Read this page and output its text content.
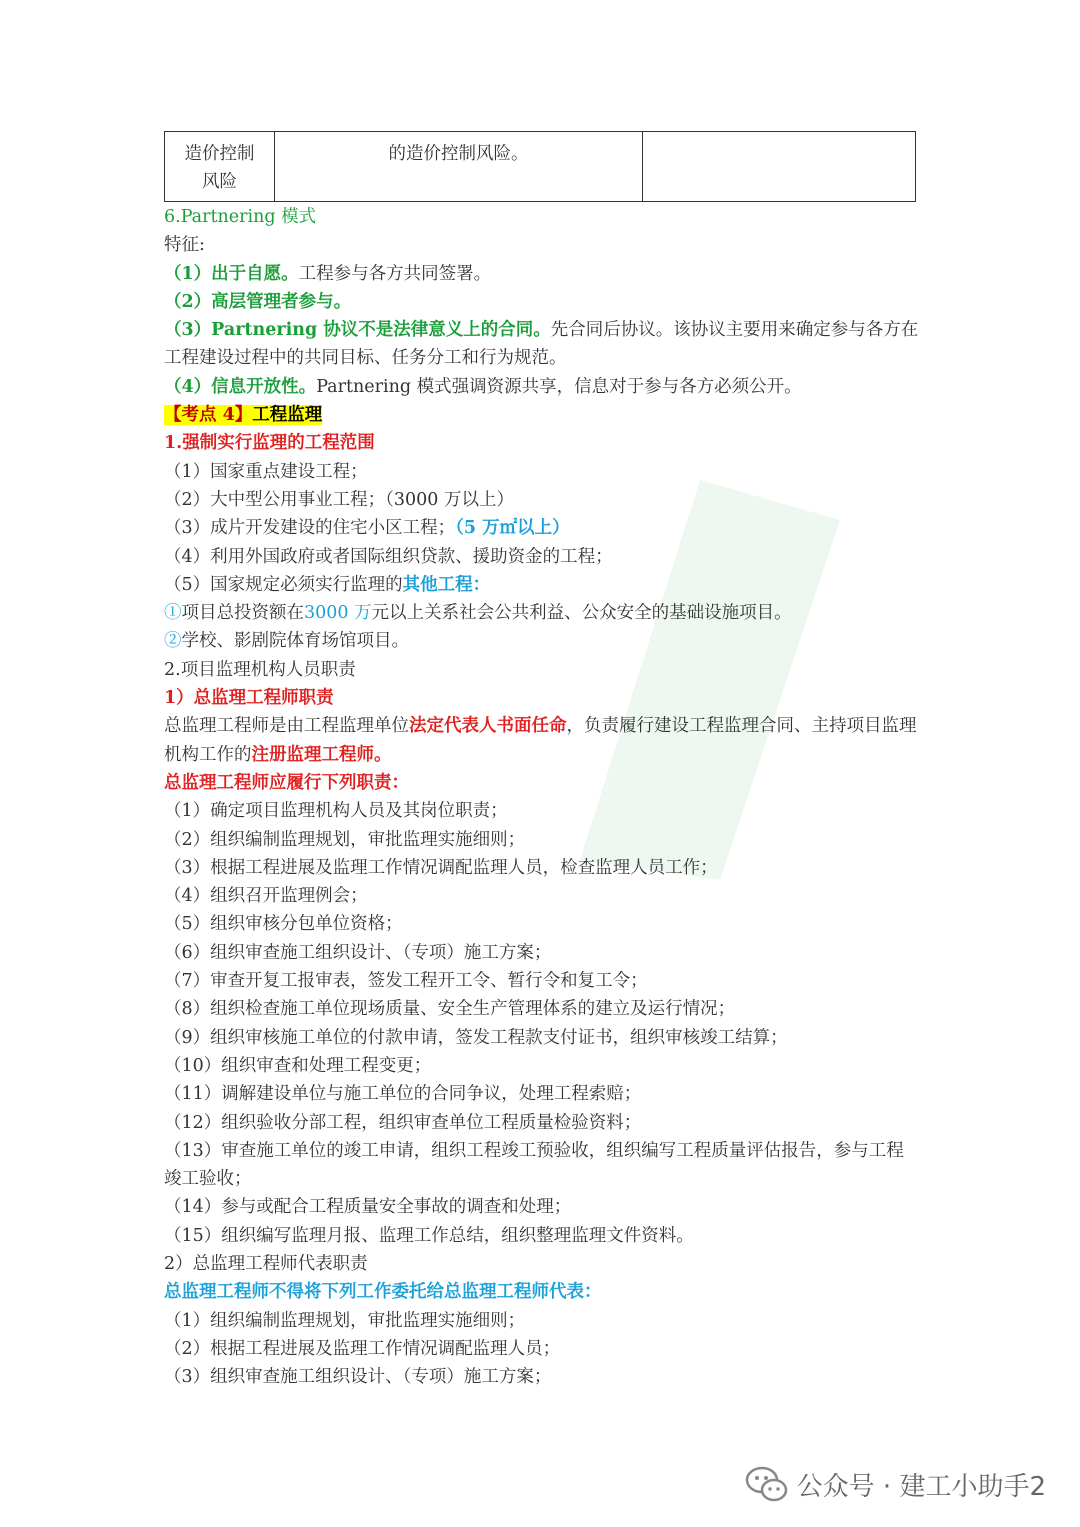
造价控制风险
的造价控制风险。

6.Partnering 模式

特征:

（1）出于自愿。工程参与各方共同签署。

（2）高层管理者参与。

（3）Partnering 协议不是法律意义上的合同。先合同后协议。该协议主要用来确定参与各方在工程建设过程中的共同目标、任务分工和行为规范。

（4）信息开放性。Partnering 模式强调资源共享，信息对于参与各方必须公开。

【考点 4】工程监理

1.强制实行监理的工程范围

（1）国家重点建设工程；

（2）大中型公用事业工程；（3000 万以上）

（3）成片开发建设的住宅小区工程；（5 万㎡以上）

（4）利用外国政府或者国际组织贷款、援助资金的工程；

（5）国家规定必须实行监理的其他工程：

①项目总投资额在3000 万元以上关系社会公共利益、公众安全的基础设施项目。

②学校、影剧院体育场馆项目。

2.项目监理机构人员职责

1）总监理工程师职责

总监理工程师是由工程监理单位法定代表人书面任命，负责履行建设工程监理合同、主持项目监理机构工作的注册监理工程师。

总监理工程师应履行下列职责：

（1）确定项目监理机构人员及其岗位职责；

（2）组织编制监理规划，审批监理实施细则；

（3）根据工程进展及监理工作情况调配监理人员，检查监理人员工作；

（4）组织召开监理例会；

（5）组织审核分包单位资格；

（6）组织审查施工组织设计、（专项）施工方案；

（7）审查开复工报审表，签发工程开工令、暂行令和复工令；

（8）组织检查施工单位现场质量、安全生产管理体系的建立及运行情况；

（9）组织审核施工单位的付款申请，签发工程款支付证书，组织审核竣工结算；

（10）组织审查和处理工程变更；

（11）调解建设单位与施工单位的合同争议，处理工程索赔；

（12）组织验收分部工程，组织审查单位工程质量检验资料；

（13）审查施工单位的竣工申请，组织工程竣工预验收，组织编写工程质量评估报告，参与工程竣工验收；

（14）参与或配合工程质量安全事故的调查和处理；

（15）组织编写监理月报、监理工作总结，组织整理监理文件资料。

2）总监理工程师代表职责

总监理工程师不得将下列工作委托给总监理工程师代表：

（1）组织编制监理规划，审批监理实施细则；

（2）根据工程进展及监理工作情况调配监理人员；

（3）组织审查施工组织设计、（专项）施工方案；

公众号 · 建工小助手2
